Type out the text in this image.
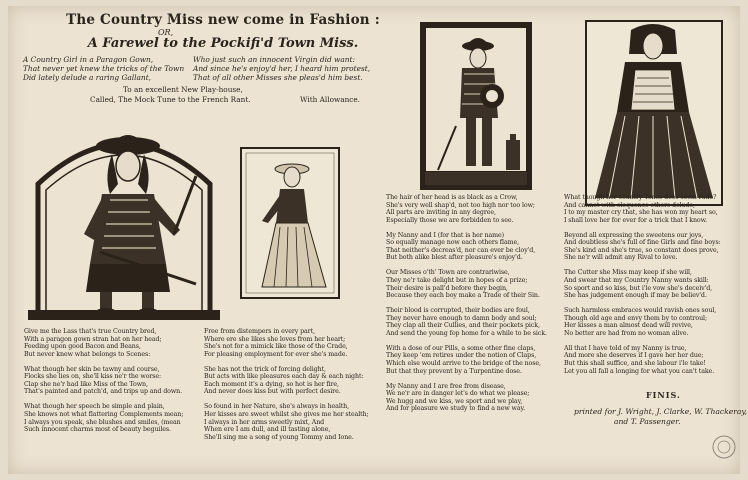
The Country Miss new come in Fashion :
OR,
A Farewel to the Pockifi'd Town Miss.
A Country Girl in a Paragon Gown,
That never yet knew the tricks of the Town
Did lately delude a raring Gallant,
Who just such an innocent Virgin did want:
And since he's enjoy'd her, I heard him protest,
That of all other Misses she pleas'd him best.
To an excellent New Play-house,
Called, The Mock Tune to the French Rant.	With Allowance.
Give me the Lass that's true Country bred,
With a paragon gown stran hat on her head;
Feeding upon good Bacon and Beans,
But never knew what belongs to Scenes:

What though her skin be tawny and course,
Flocks she lies on, she'll kiss ne'r the worse:
Clap she ne'r had like Miss of the Town,
That's painted and patch'd, and trips up and down.

What though her speech be simple and plain,
She knows not what flattering Complements mean;
I always you speak, she blushes and smiles, (mean
Such innocent charms most of beauty beguiles.
Free from distempers in every part,
Where ere she likes she loves from her heart;
She's not for a mimick like those of the Crade,
For pleasing employment for ever she's made.

She has not the trick of forcing delight,
But acts with like pleasures each day & each night:
Each moment it's a dying, so hot is her fire,
And never does kiss but with perfect desire.

So found in her Nature, she's always in health,
Her kisses are sweet whilst she gives me her stealth;
I always in her arms sweetly mixt, And
When ere I am dull, and ill tasting alone,
She'll sing me a song of young Tommy and Ione.
The hair of her head is as black as a Crow,
She's very well shap'd, not too high nor too low;
All parts are inviting in any degree,
Especially those we are forbidden to see.

My Nanny and I (for that is her name)
So equally manage now each others flame,
That neither's decreas'd, nor can ever be cloy'd,
But both alike blest after pleasure's enjoy'd.

Our Misses o'th' Town are contrariwise,
They ne'r take delight but in hopes of a prize;
Their desire is pall'd before they begin,
Because they each boy make a Trade of their Sin.

Their blood is corrupted, their bodies are foul,
They never have enough to damn body and soul;
They clap all their Cullies, and their pockets pick,
And send the young fop home for a while to be sick.

With a dose of our Pills, a some other fine claps,
They keep 'em retires under the notion of Claps,
Which else would arrive to the bridge of the nose,
But that they prevent by a Turpentine dose.

My Nanny and I are free from disease,
We ne'r are in danger let's do what we please;
We hugg and we kiss, we sport and we play,
And for pleasure we study to find a new way.
What though her country Tones does seem rude?
And cannot with eloquence others delude,
I to my master cry that, she has won my heart so,
I shall love her for ever for a trick that I know.

Beyond all expressing the sweetens our joys,
And doubtless she's full of fine Girls and fine boys:
She's kind and she's true, so constant does prove,
She ne'r will admit any Rival to love.

The Cutter she Miss may keep if she will,
And swear that my Country Nanny wants skill:
So sport and so kiss, but i'le vow she's deceiv'd,
She has judgement enough if may be believ'd.

Such harmless embraces would ravish ones soul,
Though old age and envy them by to controul;
Her kisses a man almost dead will revive,
No better are had from no woman alive.

All that I have told of my Nanny is true,
And more she deserves if I gave her her due;
But this shall suffice, and she labour i'le take!
Let you all fall a longing for what you can't take.
FINIS.
printed for J. Wright, J. Clarke, W. Thackeray,
and T. Passenger.
